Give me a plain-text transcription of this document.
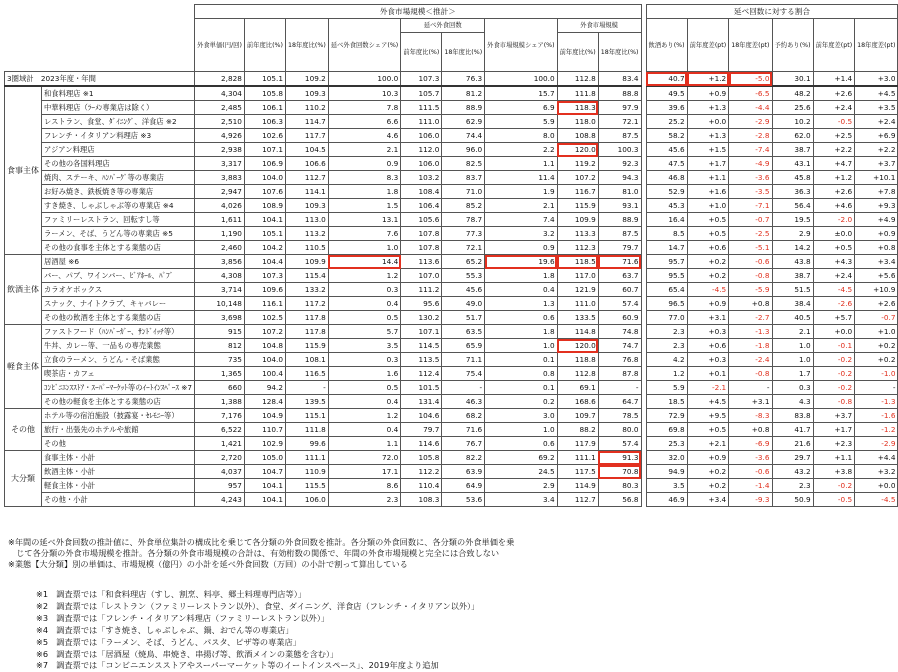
		外食市場規模＜推計＞										延べ回数に対する割合					
		外食単価(円/回)	前年度比(%)	18年度比(%)	延べ外食回数シェア(%)	延べ外食回数		外食市場規模シェア(%)	外食市場規模			飲酒あり(%)	前年度差(pt)	18年度差(pt)	予約あり(%)	前年度差(pt)	18年度差(pt)
						前年度比(%)	18年度比(%)		前年度比(%)	18年度比(%)							
3圏域計　2023年度・年間		2,828	105.1	109.2	100.0	107.3	76.3	100.0	112.8	83.4		40.7	+1.2	-5.0	30.1	+1.4	+3.0
食事主体	和食料理店 ※1	4,304	105.8	109.3	10.3	105.7	81.2	15.7	111.8	88.8		49.5	+0.9	-6.5	48.2	+2.6	+4.5
	中華料理店（ﾗｰﾒﾝ専業店は除く）	2,485	106.1	110.2	7.8	111.5	88.9	6.9	118.3	97.9		39.6	+1.3	-4.4	25.6	+2.4	+3.5
	レストラン、食堂、ﾀﾞｲﾆﾝｸﾞ、洋食店 ※2	2,510	106.3	114.7	6.6	111.0	62.9	5.9	118.0	72.1		25.2	+0.0	-2.9	10.2	-0.5	+2.4
	フレンチ・イタリアン料理店 ※3	4,926	102.6	117.7	4.6	106.0	74.4	8.0	108.8	87.5		58.2	+1.3	-2.8	62.0	+2.5	+6.9
	アジアン料理店	2,938	107.1	104.5	2.1	112.0	96.0	2.2	120.0	100.3		45.6	+1.5	-7.4	38.7	+2.2	+2.2
	その他の各国料理店	3,317	106.9	106.6	0.9	106.0	82.5	1.1	119.2	92.3		47.5	+1.7	-4.9	43.1	+4.7	+3.7
	焼肉、ステーキ、ﾊﾝﾊﾞｰｸﾞ等の専業店	3,883	104.0	112.7	8.3	103.2	83.7	11.4	107.2	94.3		46.8	+1.1	-3.6	45.8	+1.2	+10.1
	お好み焼き、鉄板焼き等の専業店	2,947	107.6	114.1	1.8	108.4	71.0	1.9	116.7	81.0		52.9	+1.6	-3.5	36.3	+2.6	+7.8
	すき焼き、しゃぶしゃぶ等の専業店 ※4	4,026	108.9	109.3	1.5	106.4	85.2	2.1	115.9	93.1		45.3	+1.0	-7.1	56.4	+4.6	+9.3
	ファミリーレストラン、回転すし等	1,611	104.1	113.0	13.1	105.6	78.7	7.4	109.9	88.9		16.4	+0.5	-0.7	19.5	-2.0	+4.9
	ラーメン、そば、うどん等の専業店 ※5	1,190	105.1	113.2	7.6	107.8	77.3	3.2	113.3	87.5		8.5	+0.5	-2.5	2.9	±0.0	+0.9
	その他の食事を主体とする業態の店	2,460	104.2	110.5	1.0	107.8	72.1	0.9	112.3	79.7		14.7	+0.6	-5.1	14.2	+0.5	+0.8
飲酒主体	居酒屋 ※6	3,856	104.4	109.9	14.4	113.6	65.2	19.6	118.5	71.6		95.7	+0.2	-0.6	43.8	+4.3	+3.4
	バー、パブ、ワインバー、ﾋﾞｱﾎｰﾙ、ﾊﾟﾌﾞ	4,308	107.3	115.4	1.2	107.0	55.3	1.8	117.0	63.7		95.5	+0.2	-0.8	38.7	+2.4	+5.6
	カラオケボックス	3,714	109.6	133.2	0.3	111.2	45.6	0.4	121.9	60.7		65.4	-4.5	-5.9	51.5	-4.5	+10.9
	スナック、ナイトクラブ、キャバレー	10,148	116.1	117.2	0.4	95.6	49.0	1.3	111.0	57.4		96.5	+0.9	+0.8	38.4	-2.6	+2.6
	その他の飲酒を主体とする業態の店	3,698	102.5	117.8	0.5	130.2	51.7	0.6	133.5	60.9		77.0	+3.1	-2.7	40.5	+5.7	-0.7
軽食主体	ファストフード（ﾊﾝﾊﾞｰｶﾞｰ、ｻﾝﾄﾞｲｯﾁ等）	915	107.2	117.8	5.7	107.1	63.5	1.8	114.8	74.8		2.3	+0.3	-1.3	2.1	+0.0	+1.0
	牛丼、カレー等、一品もの専売業態	812	104.8	115.9	3.5	114.5	65.9	1.0	120.0	74.7		2.3	+0.6	-1.8	1.0	-0.1	+0.2
	立食のラーメン、うどん・そば業態	735	104.0	108.1	0.3	113.5	71.1	0.1	118.8	76.8		4.2	+0.3	-2.4	1.0	-0.2	+0.2
	喫茶店・カフェ	1,365	100.4	116.5	1.6	112.4	75.4	0.8	112.8	87.8		1.2	+0.1	-0.8	1.7	-0.2	-1.0
	ｺﾝﾋﾞﾆｴﾝｽｽﾄｱ・ｽｰﾊﾟｰﾏｰｹｯﾄ等のｲｰﾄｲﾝｽﾍﾟｰｽ ※7	660	94.2	-	0.5	101.5	-	0.1	69.1	-		5.9	-2.1	-	0.3	-0.2	-
	その他の軽食を主体とする業態の店	1,388	128.4	139.5	0.4	131.4	46.3	0.2	168.6	64.7		18.5	+4.5	+3.1	4.3	-0.8	-1.3
その他	ホテル等の宿泊施設（披露宴・ｾﾚﾓﾆｰ等）	7,176	104.9	115.1	1.2	104.6	68.2	3.0	109.7	78.5		72.9	+9.5	-8.3	83.8	+3.7	-1.6
	旅行・出張先のホテルや旅館	6,522	110.7	111.8	0.4	79.7	71.6	1.0	88.2	80.0		69.8	+0.5	+0.8	41.7	+1.7	-1.2
	その他	1,421	102.9	99.6	1.1	114.6	76.7	0.6	117.9	57.4		25.3	+2.1	-6.9	21.6	+2.3	-2.9
大分類	食事主体・小計	2,720	105.0	111.1	72.0	105.8	82.2	69.2	111.1	91.3		32.0	+0.9	-3.6	29.7	+1.1	+4.4
	飲酒主体・小計	4,037	104.7	110.9	17.1	112.2	63.9	24.5	117.5	70.8		94.9	+0.2	-0.6	43.2	+3.8	+3.2
	軽食主体・小計	957	104.1	115.5	8.6	110.4	64.9	2.9	114.9	80.3		3.5	+0.2	-1.4	2.3	-0.2	+0.0
	その他・小計	4,243	104.1	106.0	2.3	108.3	53.6	3.4	112.7	56.8		46.9	+3.4	-9.3	50.9	-0.5	-4.5

※年間の延べ外食回数の推計値に、外食単位集計の構成比を乗じて各分類の外食回数を推計。各分類の外食回数に、各分類の外食単価を乗

　じて各分類の外食市場規模を推計。各分類の外食市場規模の合計は、有効桁数の関係で、年間の外食市場規模と完全には合致しない

※業態【大分類】別の単価は、市場規模（億円）の小計を延べ外食回数（万回）の小計で割って算出している

※1　調査票では「和食料理店（すし、割烹、料亭、郷土料理専門店等）」

※2　調査票では「レストラン（ファミリーレストラン以外）、食堂、ダイニング、洋食店（フレンチ・イタリアン以外）」

※3　調査票では「フレンチ・イタリアン料理店（ファミリーレストラン以外）」

※4　調査票では「すき焼き、しゃぶしゃぶ、鍋、おでん等の専業店」

※5　調査票では「ラーメン、そば、うどん、パスタ、ピザ等の専業店」

※6　調査票では「居酒屋（焼鳥、串焼き、串揚げ等、飲酒メインの業態を含む）」

※7　調査票では「コンビニエンスストアやスーパーマーケット等のイートインスペース」、2019年度より追加
